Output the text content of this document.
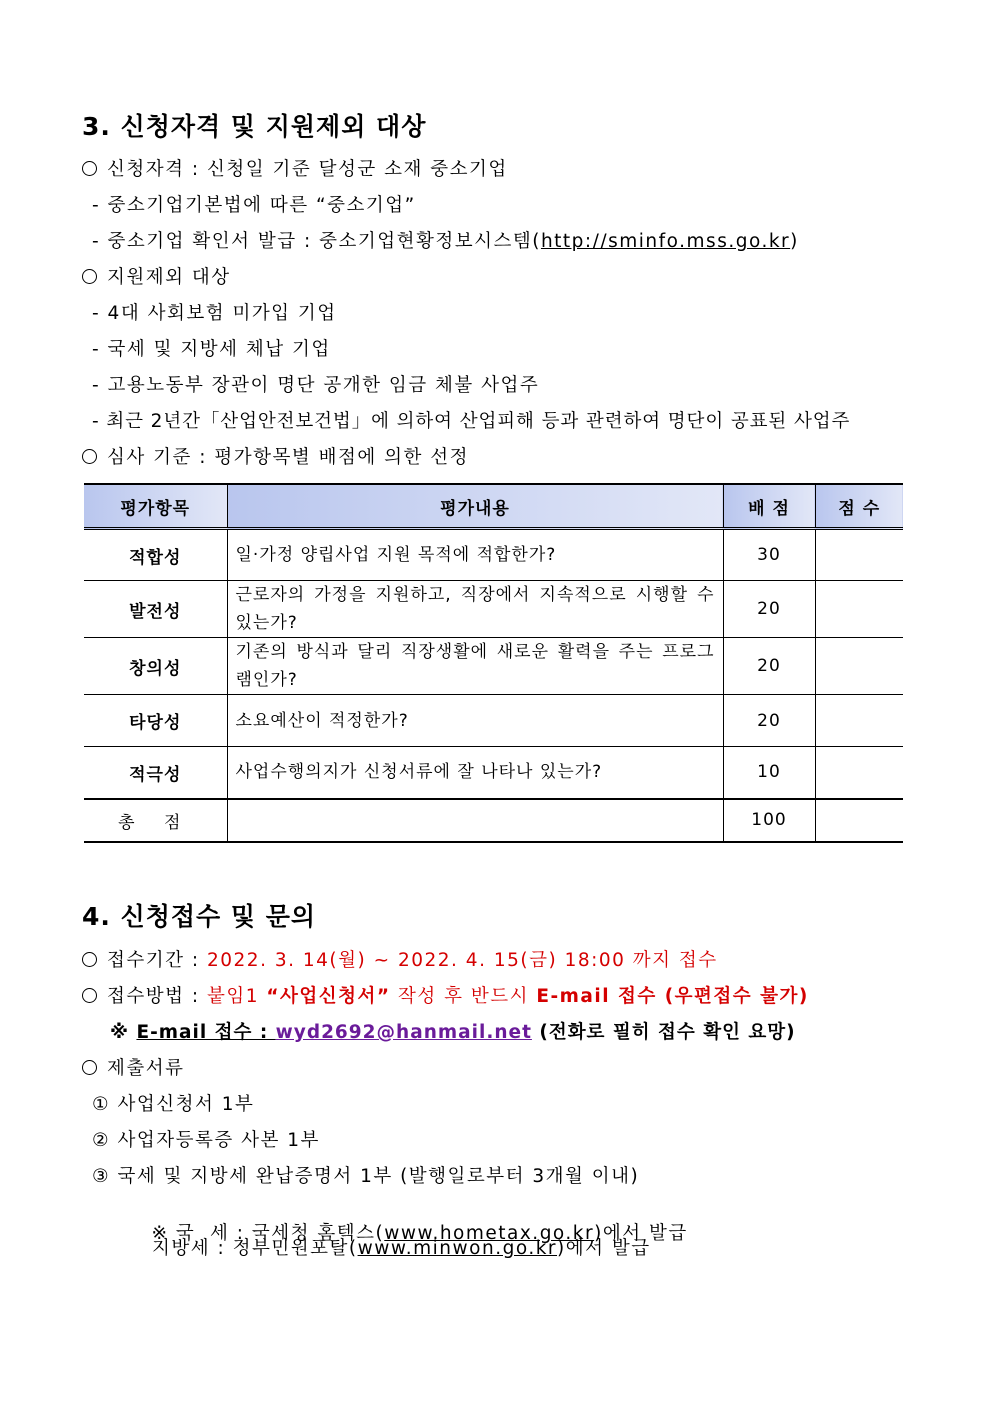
3. 신청자격 및 지원제외 대상
신청자격 : 신청일 기준 달성군 소재 중소기업
- 중소기업기본법에 따른 “중소기업”
- 중소기업 확인서 발급 : 중소기업현황정보시스템(http://sminfo.mss.go.kr)
지원제외 대상
- 4대 사회보험 미가입 기업
- 국세 및 지방세 체납 기업
- 고용노동부 장관이 명단 공개한 임금 체불 사업주
- 최근 2년간「산업안전보건법」에 의하여 산업피해 등과 관련하여 명단이 공표된 사업주
심사 기준 : 평가항목별 배점에 의한 선정
평가항목	평가내용	배 점	점 수
적합성	일·가정 양립사업 지원 목적에 적합한가?	30	
발전성	근로자의 가정을 지원하고, 직장에서 지속적으로 시행할 수 있는가?	20	
창의성	기존의 방식과 달리 직장생활에 새로운 활력을 주는 프로그램인가?	20	
타당성	소요예산이 적정한가?	20	
적극성	사업수행의지가 신청서류에 잘 나타나 있는가?	10	
총 점		100	
4. 신청접수 및 문의
접수기간 : 2022. 3. 14(월) ~ 2022. 4. 15(금) 18:00 까지 접수
접수방법 : 붙임1 “사업신청서” 작성 후 반드시 E-mail 접수 (우편접수 불가)
※ E-mail 접수 : wyd2692@hanmail.net (전화로 필히 접수 확인 요망)
제출서류
① 사업신청서 1부
② 사업자등록증 사본 1부
③ 국세 및 지방세 완납증명서 1부 (발행일로부터 3개월 이내)

※ 국  세 : 국세청 홈텍스(www.hometax.go.kr)에서 발급

지방세 : 정부민원포탈(www.minwon.go.kr)에서 발급
